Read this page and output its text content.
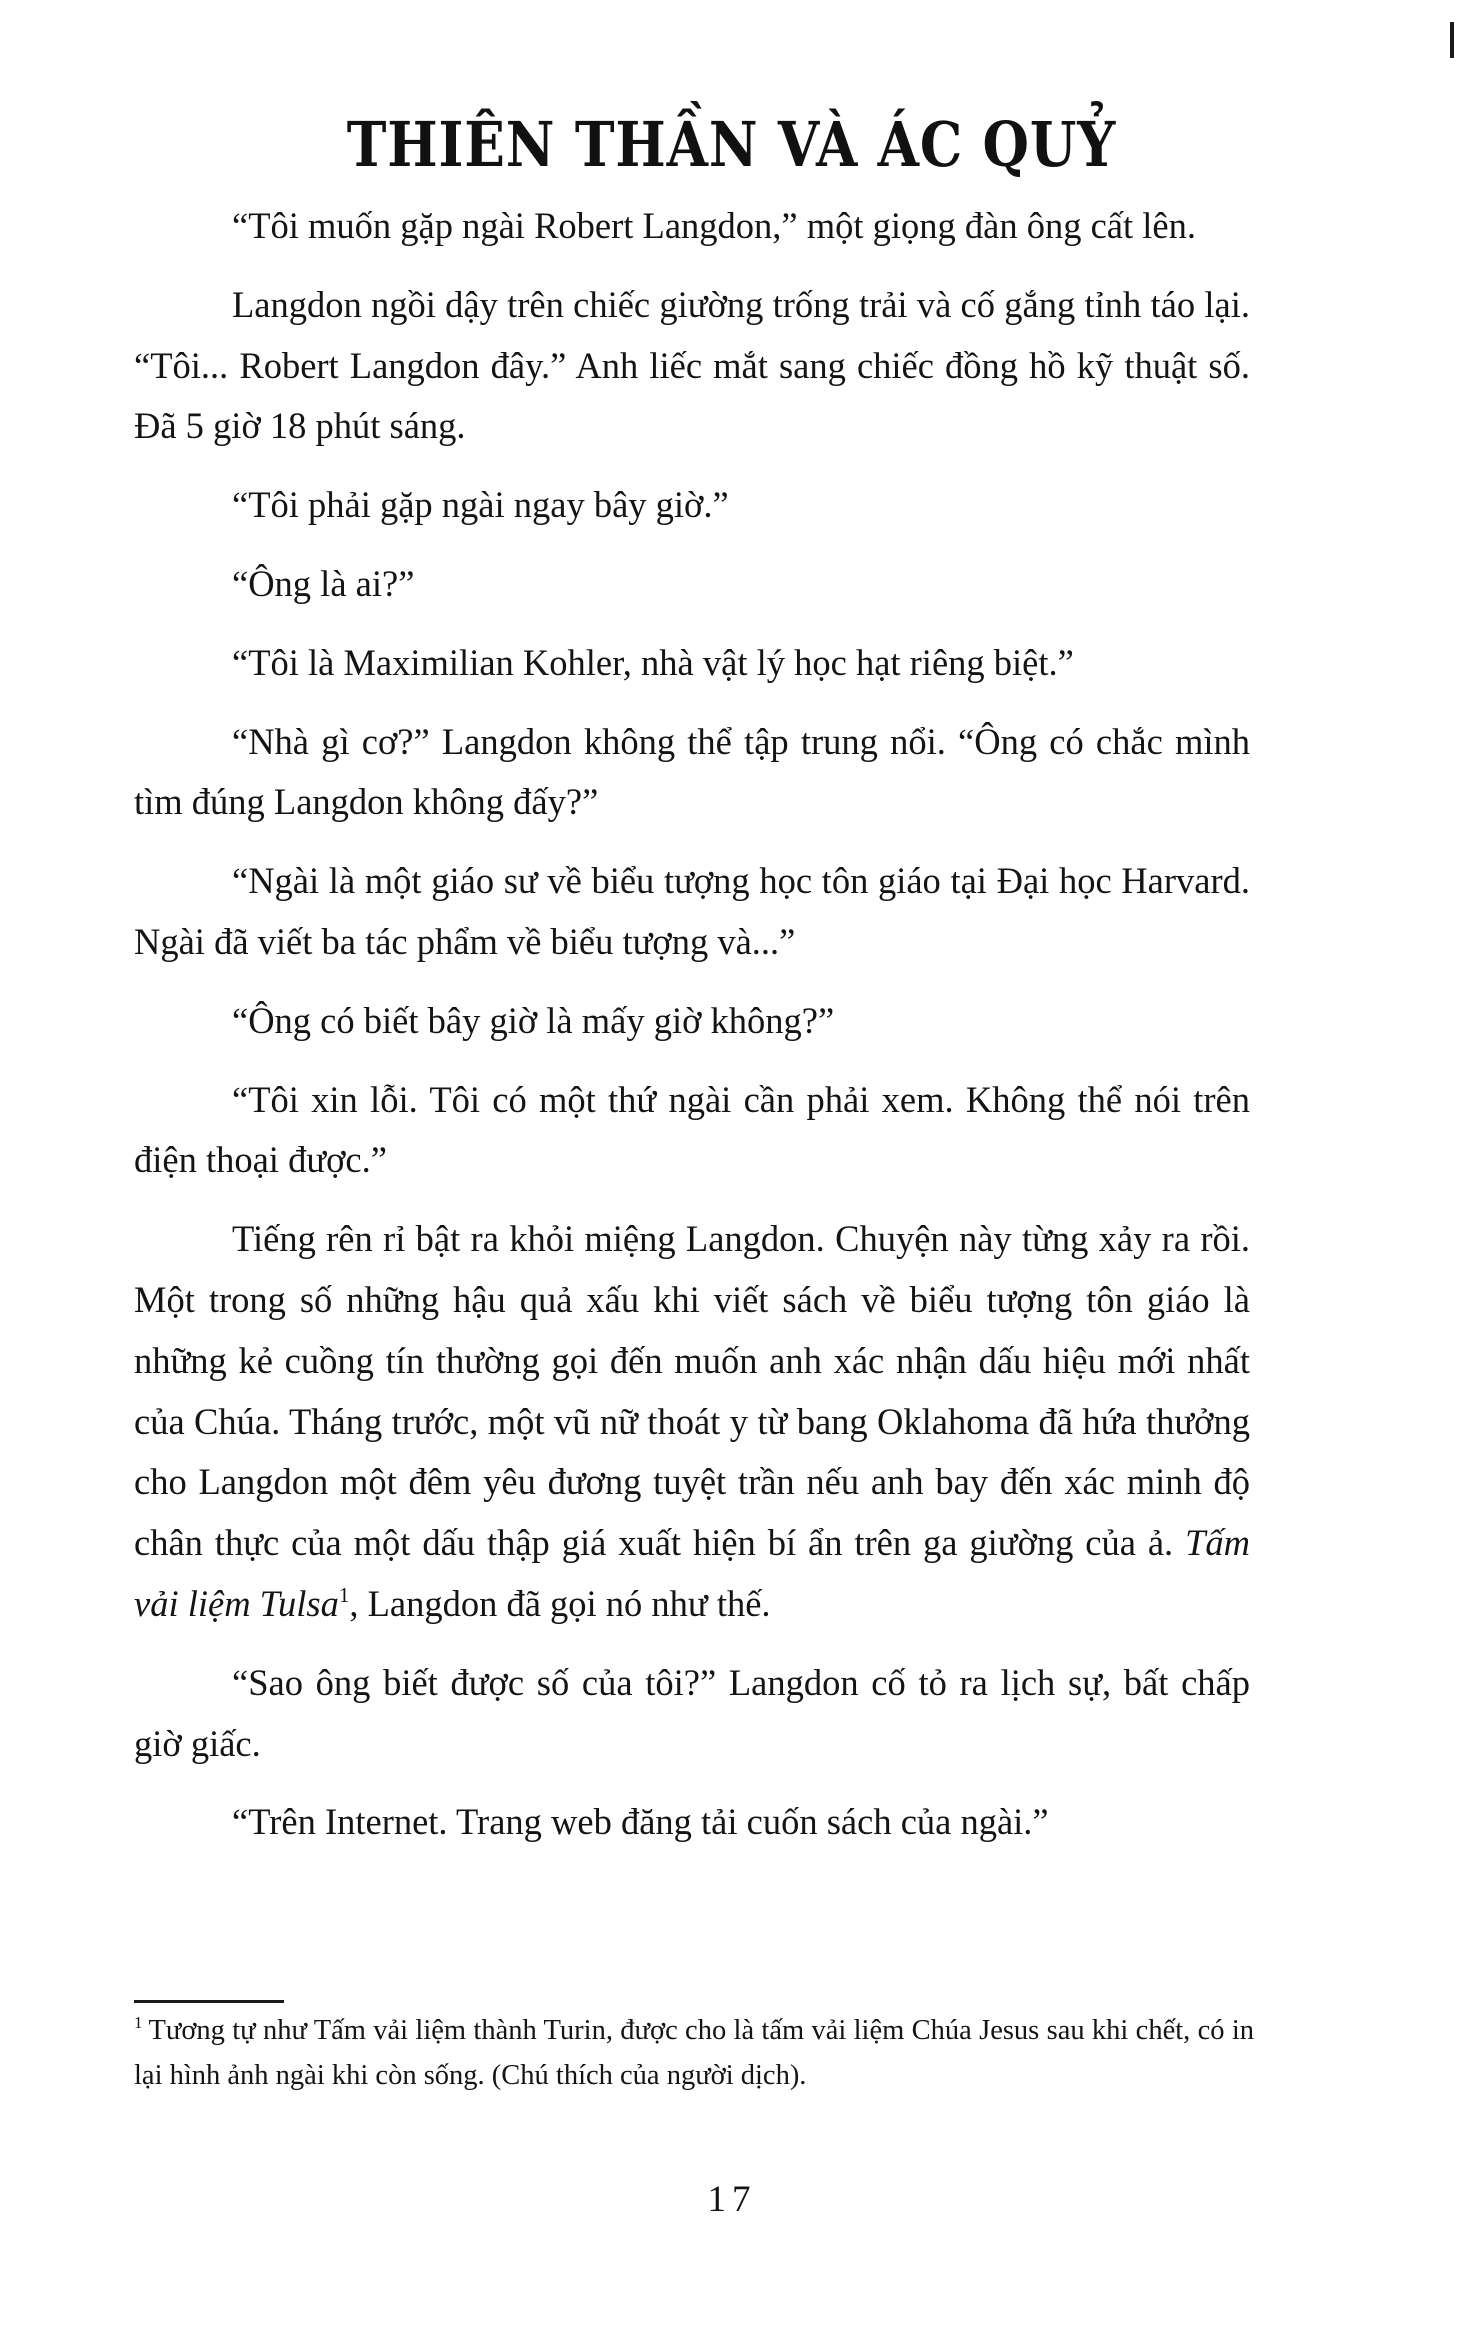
THIÊN THẦN VÀ ÁC QUỶ

“Tôi muốn gặp ngài Robert Langdon,” một giọng đàn ông cất lên.

Langdon ngồi dậy trên chiếc giường trống trải và cố gắng tỉnh táo lại. “Tôi... Robert Langdon đây.” Anh liếc mắt sang chiếc đồng hồ kỹ thuật số. Đã 5 giờ 18 phút sáng.

“Tôi phải gặp ngài ngay bây giờ.”

“Ông là ai?”

“Tôi là Maximilian Kohler, nhà vật lý học hạt riêng biệt.”

“Nhà gì cơ?” Langdon không thể tập trung nổi. “Ông có chắc mình tìm đúng Langdon không đấy?”

“Ngài là một giáo sư về biểu tượng học tôn giáo tại Đại học Harvard. Ngài đã viết ba tác phẩm về biểu tượng và...”

“Ông có biết bây giờ là mấy giờ không?”

“Tôi xin lỗi. Tôi có một thứ ngài cần phải xem. Không thể nói trên điện thoại được.”

Tiếng rên rỉ bật ra khỏi miệng Langdon. Chuyện này từng xảy ra rồi. Một trong số những hậu quả xấu khi viết sách về biểu tượng tôn giáo là những kẻ cuồng tín thường gọi đến muốn anh xác nhận dấu hiệu mới nhất của Chúa. Tháng trước, một vũ nữ thoát y từ bang Oklahoma đã hứa thưởng cho Langdon một đêm yêu đương tuyệt trần nếu anh bay đến xác minh độ chân thực của một dấu thập giá xuất hiện bí ẩn trên ga giường của ả. Tấm vải liệm Tulsa$^1$, Langdon đã gọi nó như thế.

“Sao ông biết được số của tôi?” Langdon cố tỏ ra lịch sự, bất chấp giờ giấc.

“Trên Internet. Trang web đăng tải cuốn sách của ngài.”

$^1$ Tương tự như Tấm vải liệm thành Turin, được cho là tấm vải liệm Chúa Jesus sau khi chết, có in lại hình ảnh ngài khi còn sống. (Chú thích của người dịch).

17
